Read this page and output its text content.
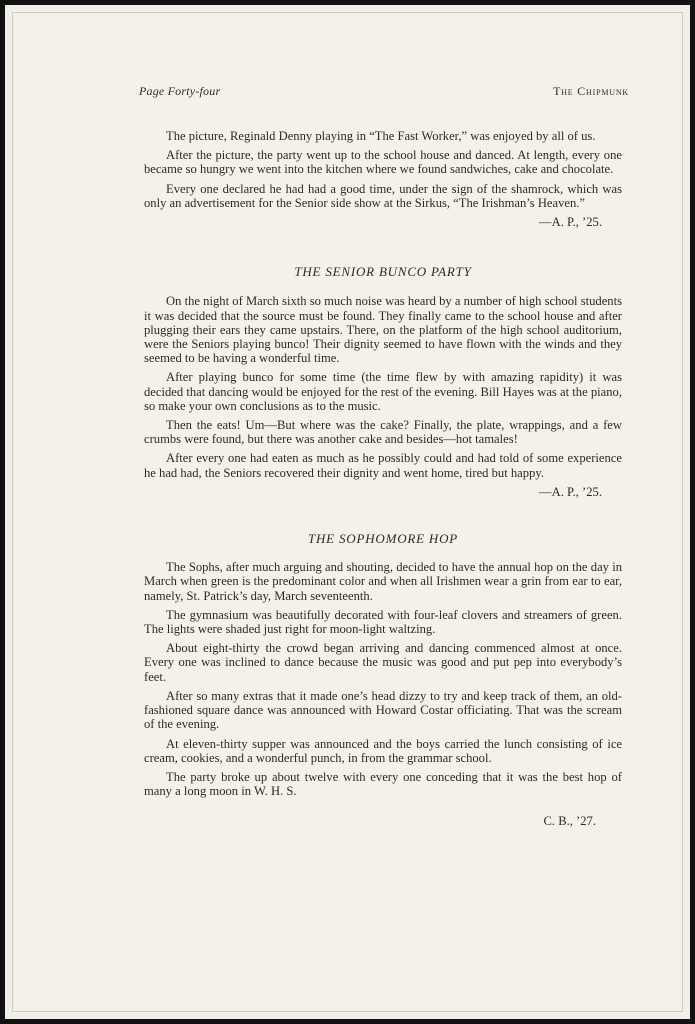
Page Forty-four	The Chipmunk

The picture, Reginald Denny playing in “The Fast Worker,” was enjoyed by all of us.

After the picture, the party went up to the school house and danced. At length, every one became so hungry we went into the kitchen where we found sandwiches, cake and chocolate.

Every one declared he had had a good time, under the sign of the shamrock, which was only an advertisement for the Senior side show at the Sirkus, “The Irishman’s Heaven.”

—A. P., ’25.

THE SENIOR BUNCO PARTY

On the night of March sixth so much noise was heard by a number of high school students it was decided that the source must be found. They finally came to the school house and after plugging their ears they came upstairs. There, on the platform of the high school auditorium, were the Seniors playing bunco! Their dignity seemed to have flown with the winds and they seemed to be having a wonderful time.

After playing bunco for some time (the time flew by with amazing rapidity) it was decided that dancing would be enjoyed for the rest of the evening. Bill Hayes was at the piano, so make your own conclusions as to the music.

Then the eats! Um—But where was the cake? Finally, the plate, wrappings, and a few crumbs were found, but there was another cake and besides—hot tamales!

After every one had eaten as much as he possibly could and had told of some experience he had had, the Seniors recovered their dignity and went home, tired but happy.

—A. P., ’25.

THE SOPHOMORE HOP

The Sophs, after much arguing and shouting, decided to have the annual hop on the day in March when green is the predominant color and when all Irishmen wear a grin from ear to ear, namely, St. Patrick’s day, March seventeenth.

The gymnasium was beautifully decorated with four-leaf clovers and streamers of green. The lights were shaded just right for moon-light waltzing.

About eight-thirty the crowd began arriving and dancing commenced almost at once. Every one was inclined to dance because the music was good and put pep into everybody’s feet.

After so many extras that it made one’s head dizzy to try and keep track of them, an old-fashioned square dance was announced with Howard Costar officiating. That was the scream of the evening.

At eleven-thirty supper was announced and the boys carried the lunch consisting of ice cream, cookies, and a wonderful punch, in from the grammar school.

The party broke up about twelve with every one conceding that it was the best hop of many a long moon in W. H. S.

C. B., ’27.
